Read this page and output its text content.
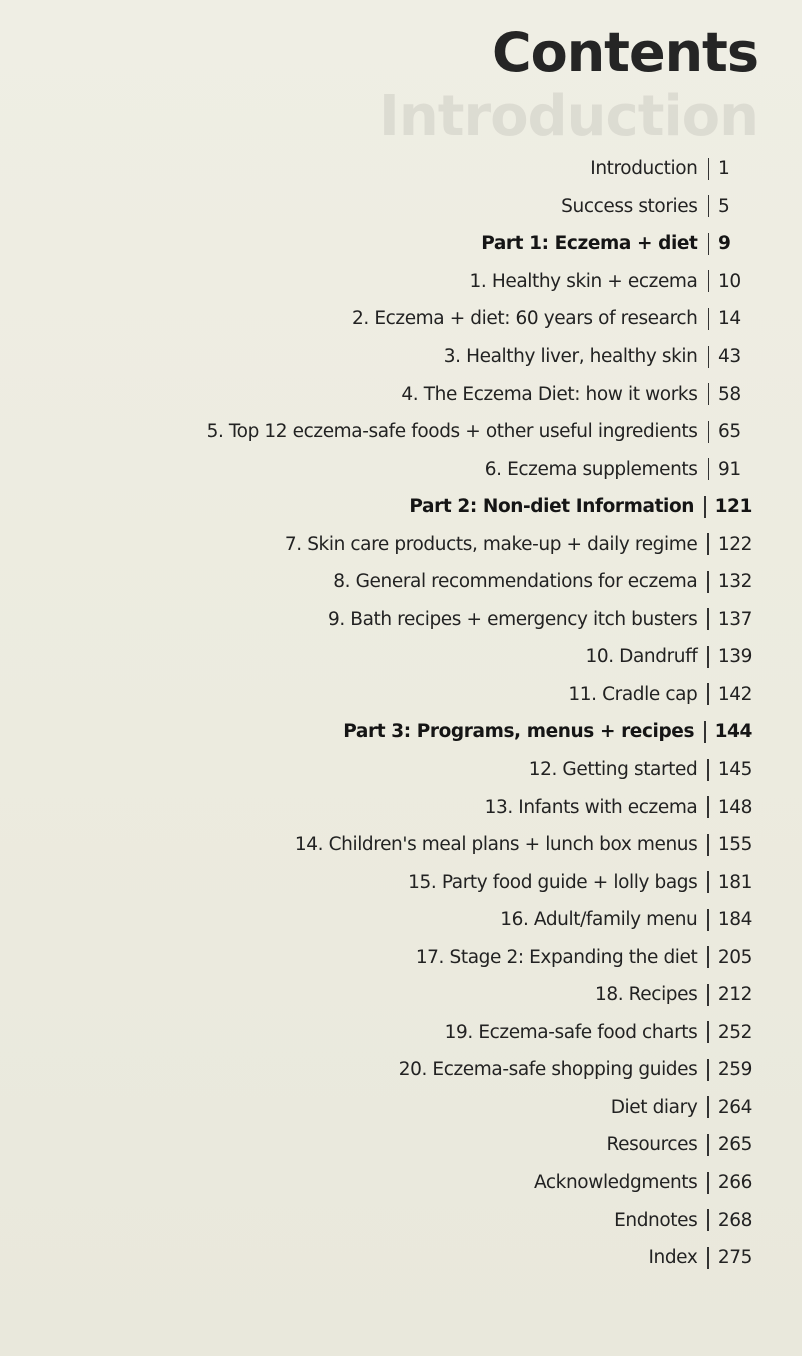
Introduction
Contents
Introduction 1
Success stories 5
Part 1: Eczema + diet 9
1. Healthy skin + eczema 10
2. Eczema + diet: 60 years of research 14
3. Healthy liver, healthy skin 43
4. The Eczema Diet: how it works 58
5. Top 12 eczema-safe foods + other useful ingredients 65
6. Eczema supplements 91
Part 2: Non-diet Information 121
7. Skin care products, make-up + daily regime 122
8. General recommendations for eczema 132
9. Bath recipes + emergency itch busters 137
10. Dandruff 139
11. Cradle cap 142
Part 3: Programs, menus + recipes 144
12. Getting started 145
13. Infants with eczema 148
14. Children's meal plans + lunch box menus 155
15. Party food guide + lolly bags 181
16. Adult/family menu 184
17. Stage 2: Expanding the diet 205
18. Recipes 212
19. Eczema-safe food charts 252
20. Eczema-safe shopping guides 259
Diet diary 264
Resources 265
Acknowledgments 266
Endnotes 268
Index 275
